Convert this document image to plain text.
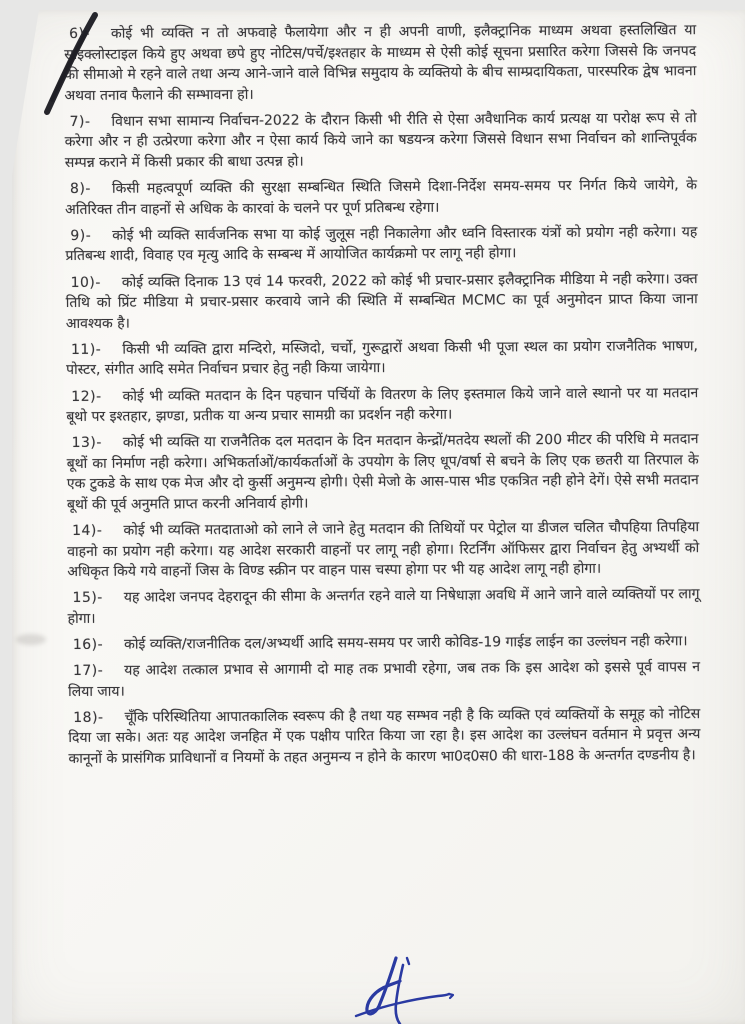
6)- कोई भी व्यक्ति न तो अफवाहे फैलायेगा और न ही अपनी वाणी, इलैक्ट्रानिक माध्यम अथवा हस्तलिखित या साइक्लोस्टाइल किये हुए अथवा छपे हुए नोटिस/पर्चे/इश्तहार के माध्यम से ऐसी कोई सूचना प्रसारित करेगा जिससे कि जनपद की सीमाओ मे रहने वाले तथा अन्य आने-जाने वाले विभिन्न समुदाय के व्यक्तियो के बीच साम्प्रदायिकता, पारस्परिक द्वेष भावना अथवा तनाव फैलाने की सम्भावना हो।

7)- विधान सभा सामान्य निर्वाचन-2022 के दौरान किसी भी रीति से ऐसा अवैधानिक कार्य प्रत्यक्ष या परोक्ष रूप से तो करेगा और न ही उत्प्रेरणा करेगा और न ऐसा कार्य किये जाने का षडयन्त्र करेगा जिससे विधान सभा निर्वाचन को शान्तिपूर्वक सम्पन्न कराने में किसी प्रकार की बाधा उत्पन्न हो।

8)- किसी महत्वपूर्ण व्यक्ति की सुरक्षा सम्बन्धित स्थिति जिसमे दिशा-निर्देश समय-समय पर निर्गत किये जायेगे, के अतिरिक्त तीन वाहनों से अधिक के कारवां के चलने पर पूर्ण प्रतिबन्ध रहेगा।

9)- कोई भी व्यक्ति सार्वजनिक सभा या कोई जुलूस नही निकालेगा और ध्वनि विस्तारक यंत्रों को प्रयोग नही करेगा। यह प्रतिबन्ध शादी, विवाह एव मृत्यु आदि के सम्बन्ध में आयोजित कार्यक्रमो पर लागू नही होगा।

10)- कोई व्यक्ति दिनाक 13 एवं 14 फरवरी, 2022 को कोई भी प्रचार-प्रसार इलैक्ट्रानिक मीडिया मे नही करेगा। उक्त तिथि को प्रिंट मीडिया मे प्रचार-प्रसार करवाये जाने की स्थिति में सम्बन्धित MCMC का पूर्व अनुमोदन प्राप्त किया जाना आवश्यक है।

11)- किसी भी व्यक्ति द्वारा मन्दिरो, मस्जिदो, चर्चो, गुरूद्वारों अथवा किसी भी पूजा स्थल का प्रयोग राजनैतिक भाषण, पोस्टर, संगीत आदि समेत निर्वाचन प्रचार हेतु नही किया जायेगा।

12)- कोई भी व्यक्ति मतदान के दिन पहचान पर्चियों के वितरण के लिए इस्तमाल किये जाने वाले स्थानो पर या मतदान बूथो पर इश्तहार, झण्डा, प्रतीक या अन्य प्रचार सामग्री का प्रदर्शन नही करेगा।

13)- कोई भी व्यक्ति या राजनैतिक दल मतदान के दिन मतदान केन्द्रों/मतदेय स्थलों की 200 मीटर की परिधि मे मतदान बूथों का निर्माण नही करेगा। अभिकर्ताओं/कार्यकर्ताओं के उपयोग के लिए धूप/वर्षा से बचने के लिए एक छतरी या तिरपाल के एक टुकडे के साथ एक मेज और दो कुर्सी अनुमन्य होगी। ऐसी मेजो के आस-पास भीड एकत्रित नही होने देगें। ऐसे सभी मतदान बूथों की पूर्व अनुमति प्राप्त करनी अनिवार्य होगी।

14)- कोई भी व्यक्ति मतदाताओ को लाने ले जाने हेतु मतदान की तिथियों पर पेट्रोल या डीजल चलित चौपहिया तिपहिया वाहनो का प्रयोग नही करेगा। यह आदेश सरकारी वाहनों पर लागू नही होगा। रिटर्निंग ऑफिसर द्वारा निर्वाचन हेतु अभ्यर्थी को अधिकृत किये गये वाहनों जिस के विण्ड स्क्रीन पर वाहन पास चस्पा होगा पर भी यह आदेश लागू नही होगा।

15)- यह आदेश जनपद देहरादून की सीमा के अन्तर्गत रहने वाले या निषेधाज्ञा अवधि में आने जाने वाले व्यक्तियों पर लागू होगा।

16)- कोई व्यक्ति/राजनीतिक दल/अभ्यर्थी आदि समय-समय पर जारी कोविड-19 गाईड लाईन का उल्लंघन नही करेगा।

17)- यह आदेश तत्काल प्रभाव से आगामी दो माह तक प्रभावी रहेगा, जब तक कि इस आदेश को इससे पूर्व वापस न लिया जाय।

18)- चूँकि परिस्थितिया आपातकालिक स्वरूप की है तथा यह सम्भव नही है कि व्यक्ति एवं व्यक्तियों के समूह को नोटिस दिया जा सके। अतः यह आदेश जनहित में एक पक्षीय पारित किया जा रहा है। इस आदेश का उल्लंघन वर्तमान मे प्रवृत्त अन्य कानूनों के प्रासंगिक प्राविधानों व नियमों के तहत अनुमन्य न होने के कारण भा0द0स0 की धारा-188 के अन्तर्गत दण्डनीय है।
